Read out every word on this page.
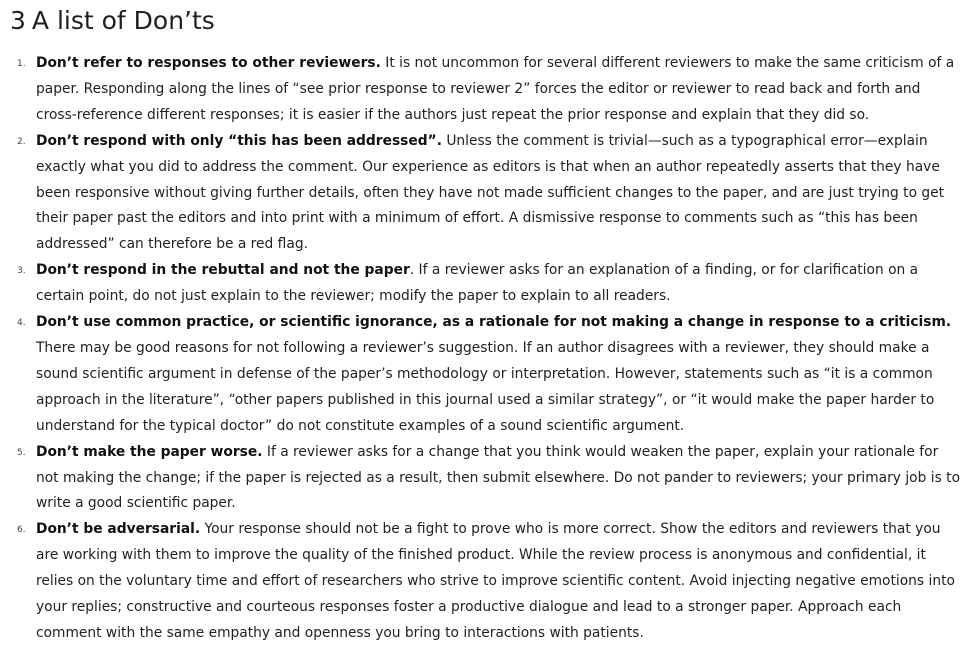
3 A list of Don’ts
1. Don’t refer to responses to other reviewers. It is not uncommon for several different reviewers to make the same criticism of a paper. Responding along the lines of “see prior response to reviewer 2” forces the editor or reviewer to read back and forth and cross-reference different responses; it is easier if the authors just repeat the prior response and explain that they did so.
2. Don’t respond with only “this has been addressed”. Unless the comment is trivial—such as a typographical error—explain exactly what you did to address the comment. Our experience as editors is that when an author repeatedly asserts that they have been responsive without giving further details, often they have not made sufficient changes to the paper, and are just trying to get their paper past the editors and into print with a minimum of effort. A dismissive response to comments such as “this has been addressed” can therefore be a red flag.
3. Don’t respond in the rebuttal and not the paper. If a reviewer asks for an explanation of a finding, or for clarification on a certain point, do not just explain to the reviewer; modify the paper to explain to all readers.
4. Don’t use common practice, or scientific ignorance, as a rationale for not making a change in response to a criticism. There may be good reasons for not following a reviewer’s suggestion. If an author disagrees with a reviewer, they should make a sound scientific argument in defense of the paper’s methodology or interpretation. However, statements such as “it is a common approach in the literature”, “other papers published in this journal used a similar strategy”, or “it would make the paper harder to understand for the typical doctor” do not constitute examples of a sound scientific argument.
5. Don’t make the paper worse. If a reviewer asks for a change that you think would weaken the paper, explain your rationale for not making the change; if the paper is rejected as a result, then submit elsewhere. Do not pander to reviewers; your primary job is to write a good scientific paper.
6. Don’t be adversarial. Your response should not be a fight to prove who is more correct. Show the editors and reviewers that you are working with them to improve the quality of the finished product. While the review process is anonymous and confidential, it relies on the voluntary time and effort of researchers who strive to improve scientific content. Avoid injecting negative emotions into your replies; constructive and courteous responses foster a productive dialogue and lead to a stronger paper. Approach each comment with the same empathy and openness you bring to interactions with patients.
